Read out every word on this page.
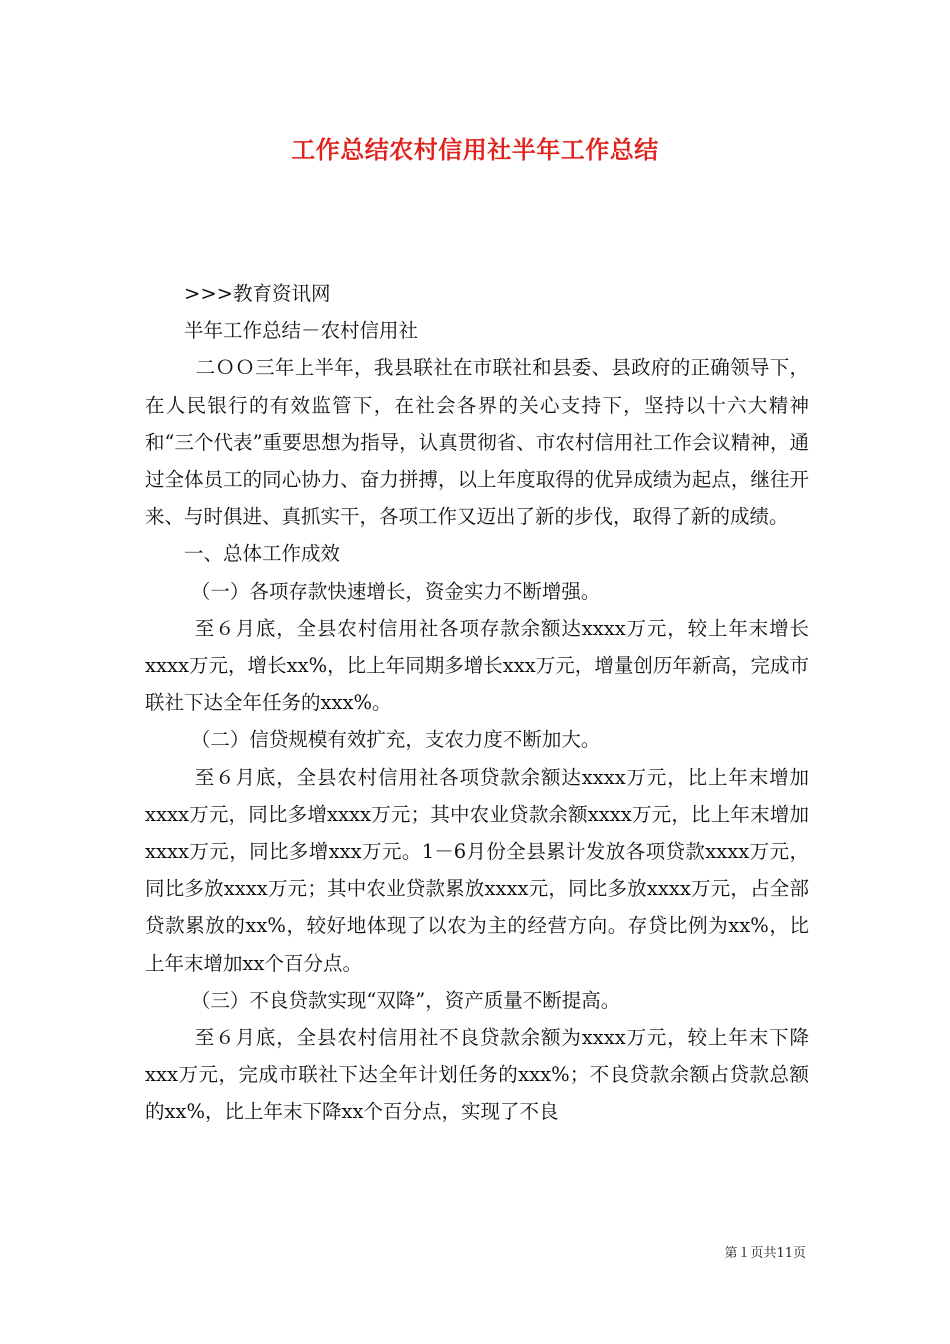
工作总结农村信用社半年工作总结

>>>教育资讯网

半年工作总结－农村信用社

二ＯＯ三年上半年，我县联社在市联社和县委、县政府的正确领导下，在人民银行的有效监管下，在社会各界的关心支持下，坚持以十六大精神和“三个代表”重要思想为指导，认真贯彻省、市农村信用社工作会议精神，通过全体员工的同心协力、奋力拼搏，以上年度取得的优异成绩为起点，继往开来、与时俱进、真抓实干，各项工作又迈出了新的步伐，取得了新的成绩。

一、总体工作成效

（一）各项存款快速增长，资金实力不断增强。

至６月底，全县农村信用社各项存款余额达xxxx万元，较上年末增长xxxx万元，增长xx%，比上年同期多增长xxx万元，增量创历年新高，完成市联社下达全年任务的xxx%。

（二）信贷规模有效扩充，支农力度不断加大。

至６月底，全县农村信用社各项贷款余额达xxxx万元，比上年末增加xxxx万元，同比多增xxxx万元；其中农业贷款余额xxxx万元，比上年末增加xxxx万元，同比多增xxx万元。1－6月份全县累计发放各项贷款xxxx万元，同比多放xxxx万元；其中农业贷款累放xxxx元，同比多放xxxx万元，占全部贷款累放的xx%，较好地体现了以农为主的经营方向。存贷比例为xx%，比上年末增加xx个百分点。

（三）不良贷款实现“双降”，资产质量不断提高。

至６月底，全县农村信用社不良贷款余额为xxxx万元，较上年末下降xxx万元，完成市联社下达全年计划任务的xxx%；不良贷款余额占贷款总额的xx%，比上年末下降xx个百分点，实现了不良

第１页共11页
